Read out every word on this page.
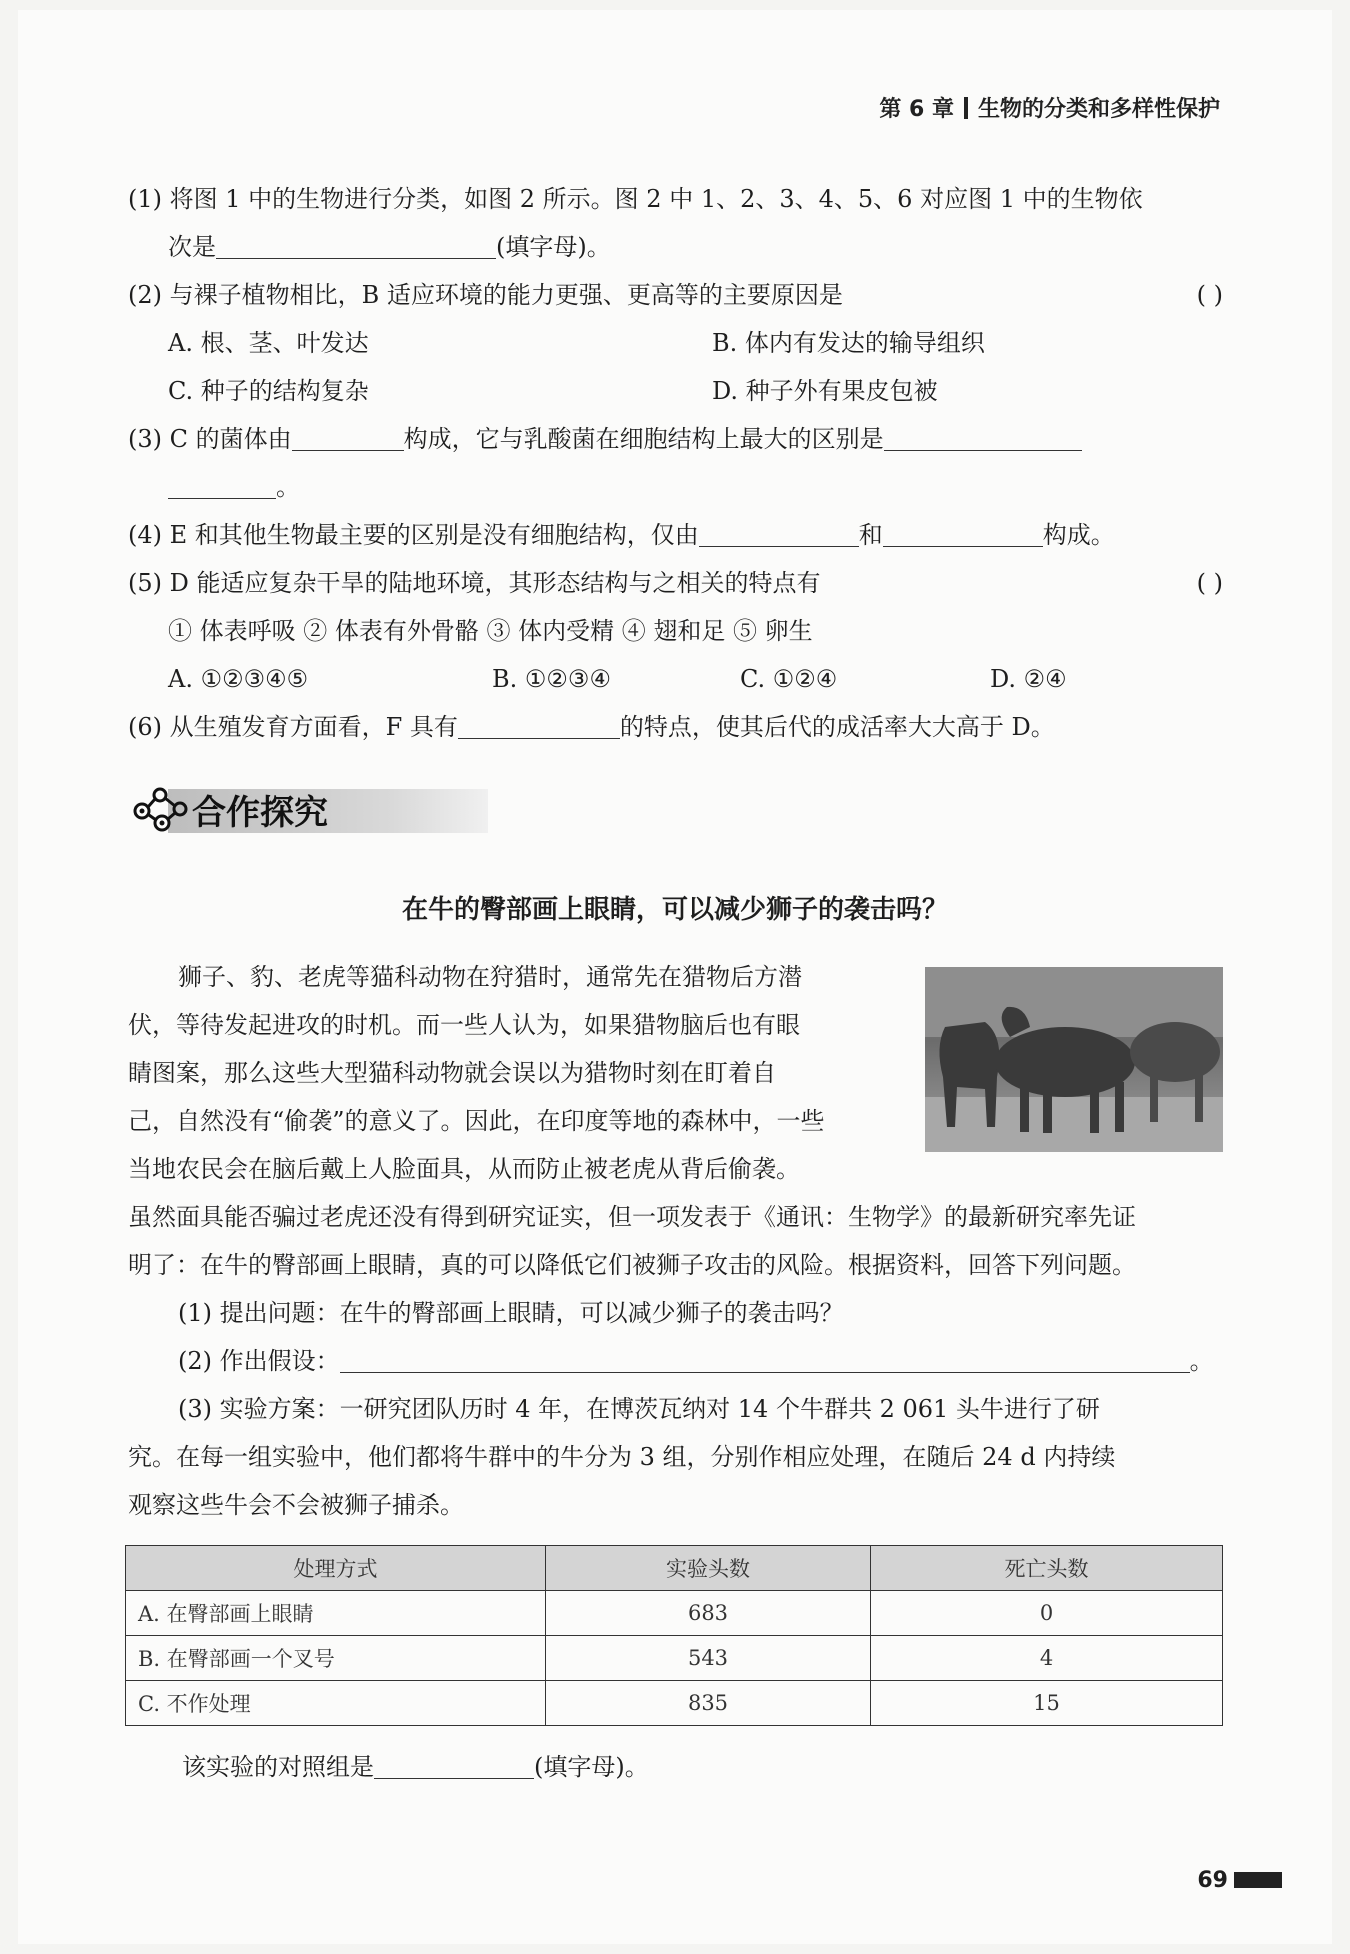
第 6 章 生物的分类和多样性保护
(1) 将图 1 中的生物进行分类，如图 2 所示。图 2 中 1、2、3、4、5、6 对应图 1 中的生物依
次是	(填字母)。
(2) 与裸子植物相比，B 适应环境的能力更强、更高等的主要原因是	( )
A. 根、茎、叶发达	B. 体内有发达的输导组织
C. 种子的结构复杂	D. 种子外有果皮包被
(3) C 的菌体由	构成，它与乳酸菌在细胞结构上最大的区别是
。
(4) E 和其他生物最主要的区别是没有细胞结构，仅由	和	构成。
(5) D 能适应复杂干旱的陆地环境，其形态结构与之相关的特点有	( )
① 体表呼吸 ② 体表有外骨骼 ③ 体内受精 ④ 翅和足 ⑤ 卵生
A. ①②③④⑤	B. ①②③④	C. ①②④	D. ②④
(6) 从生殖发育方面看，F 具有	的特点，使其后代的成活率大大高于 D。
合作探究
在牛的臀部画上眼睛，可以减少狮子的袭击吗？
狮子、豹、老虎等猫科动物在狩猎时，通常先在猎物后方潜
伏，等待发起进攻的时机。而一些人认为，如果猎物脑后也有眼
睛图案，那么这些大型猫科动物就会误以为猎物时刻在盯着自
己，自然没有“偷袭”的意义了。因此，在印度等地的森林中，一些
当地农民会在脑后戴上人脸面具，从而防止被老虎从背后偷袭。
虽然面具能否骗过老虎还没有得到研究证实，但一项发表于《通讯：生物学》的最新研究率先证
明了：在牛的臀部画上眼睛，真的可以降低它们被狮子攻击的风险。根据资料，回答下列问题。
(1) 提出问题：在牛的臀部画上眼睛，可以减少狮子的袭击吗？
(2) 作出假设：	。
(3) 实验方案：一研究团队历时 4 年，在博茨瓦纳对 14 个牛群共 2 061 头牛进行了研
究。在每一组实验中，他们都将牛群中的牛分为 3 组，分别作相应处理，在随后 24 d 内持续
观察这些牛会不会被狮子捕杀。
处理方式	实验头数	死亡头数
A. 在臀部画上眼睛	683	0
B. 在臀部画一个叉号	543	4
C. 不作处理	835	15
该实验的对照组是	(填字母)。
69
